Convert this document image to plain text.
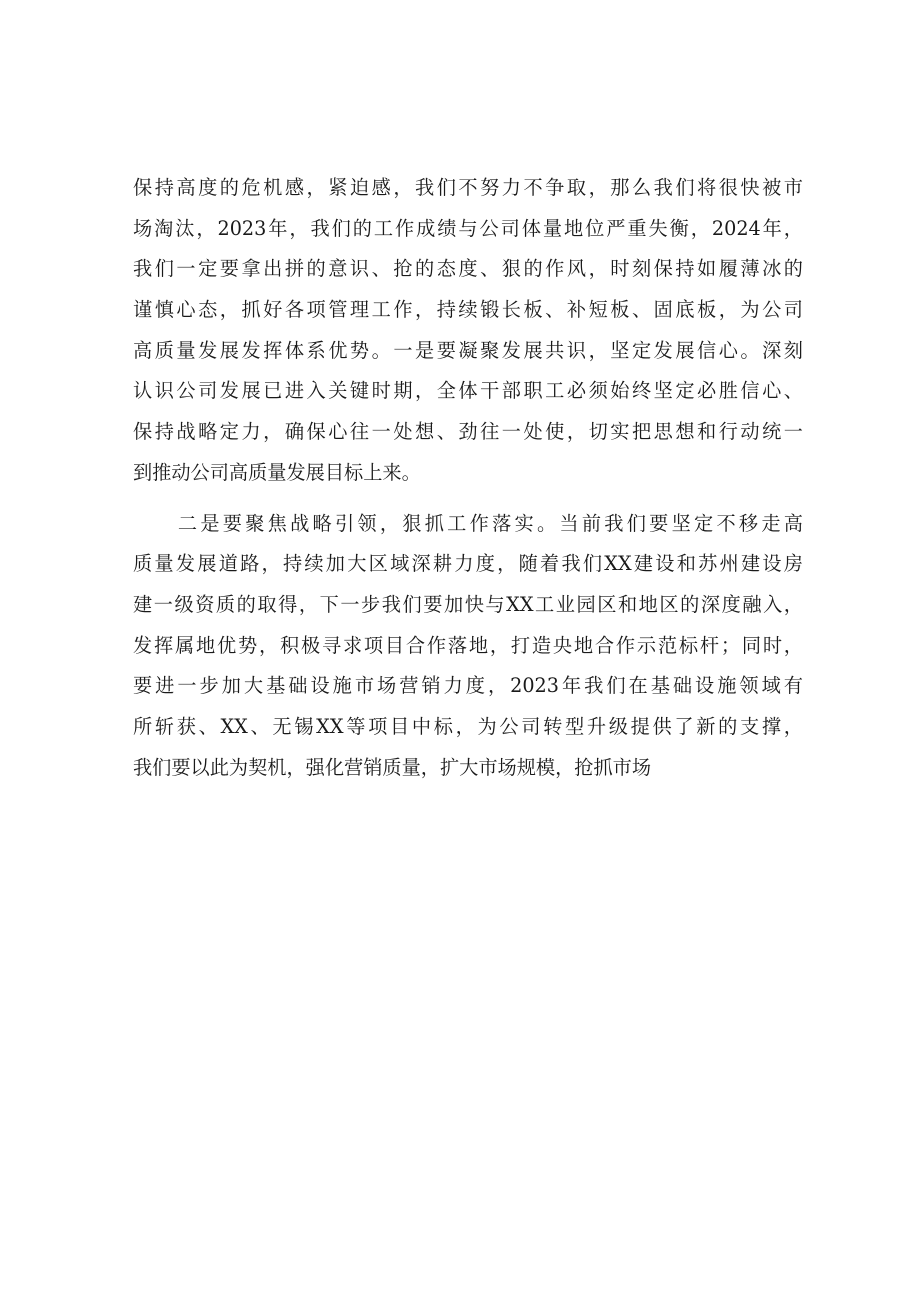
保持高度的危机感，紧迫感，我们不努力不争取，那么我们将很快被市
场淘汰，2023年，我们的工作成绩与公司体量地位严重失衡，2024年，
我们一定要拿出拼的意识、抢的态度、狠的作风，时刻保持如履薄冰的
谨慎心态，抓好各项管理工作，持续锻长板、补短板、固底板，为公司
高质量发展发挥体系优势。一是要凝聚发展共识，坚定发展信心。深刻
认识公司发展已进入关键时期，全体干部职工必须始终坚定必胜信心、
保持战略定力，确保心往一处想、劲往一处使，切实把思想和行动统一
到推动公司高质量发展目标上来。
　　二是要聚焦战略引领，狠抓工作落实。当前我们要坚定不移走高
质量发展道路，持续加大区域深耕力度，随着我们XX建设和苏州建设房
建一级资质的取得，下一步我们要加快与XX工业园区和地区的深度融入，
发挥属地优势，积极寻求项目合作落地，打造央地合作示范标杆；同时，
要进一步加大基础设施市场营销力度，2023年我们在基础设施领域有
所斩获、XX、无锡XX等项目中标，为公司转型升级提供了新的支撑，
我们要以此为契机，强化营销质量，扩大市场规模，抢抓市场
